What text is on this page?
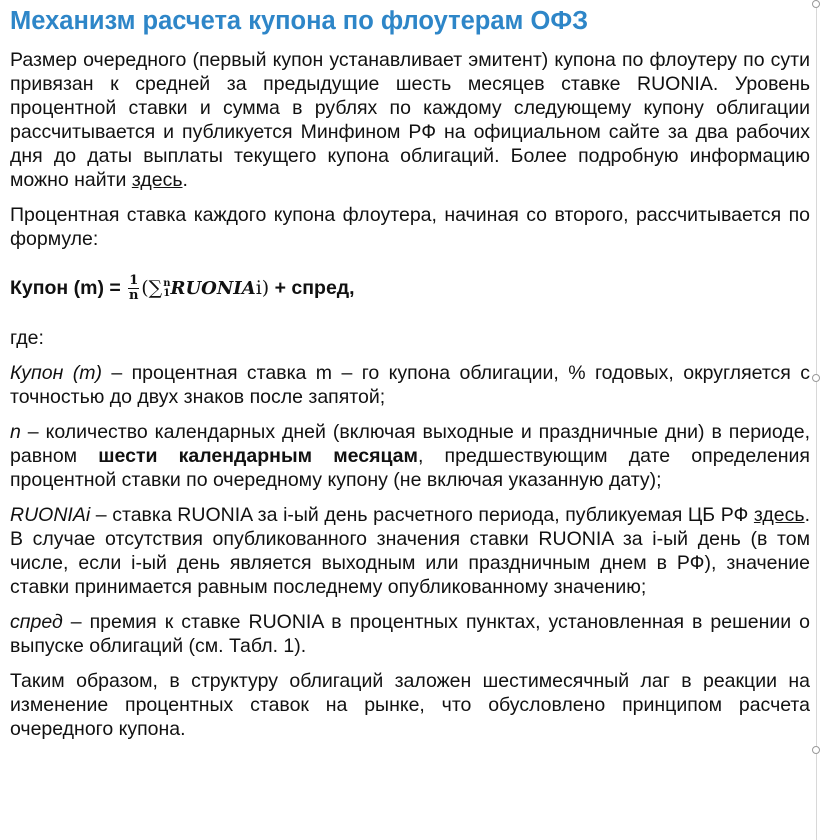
Механизм расчета купона по флоутерам ОФЗ

Размер очередного (первый купон устанавливает эмитент) купона по флоутеру по сути привязан к средней за предыдущие шесть месяцев ставке RUONIA. Уровень процентной ставки и сумма в рублях по каждому следующему купону облигации рассчитывается и публикуется Минфином РФ на официальном сайте за два рабочих дня до даты выплаты текущего купона облигаций. Более подробную информацию можно найти здесь.

Процентная ставка каждого купона флоутера, начиная со второго, рассчитывается по формуле:

Купон $(m) = \frac{1}{n}$ (∑ n
1 RUONIAi) + спред,

где:

Купон (m) – процентная ставка m – го купона облигации, % годовых, округляется с точностью до двух знаков после запятой;

n – количество календарных дней (включая выходные и праздничные дни) в периоде, равном шести календарным месяцам, предшествующим дате определения процентной ставки по очередному купону (не включая указанную дату);

RUONIAi – ставка RUONIA за i-ый день расчетного периода, публикуемая ЦБ РФ здесь. В случае отсутствия опубликованного значения ставки RUONIA за i-ый день (в том числе, если i-ый день является выходным или праздничным днем в РФ), значение ставки принимается равным последнему опубликованному значению;

спред – премия к ставке RUONIA в процентных пунктах, установленная в решении о выпуске облигаций (см. Табл. 1).

Таким образом, в структуру облигаций заложен шестимесячный лаг в реакции на изменение процентных ставок на рынке, что обусловлено принципом расчета очередного купона.
